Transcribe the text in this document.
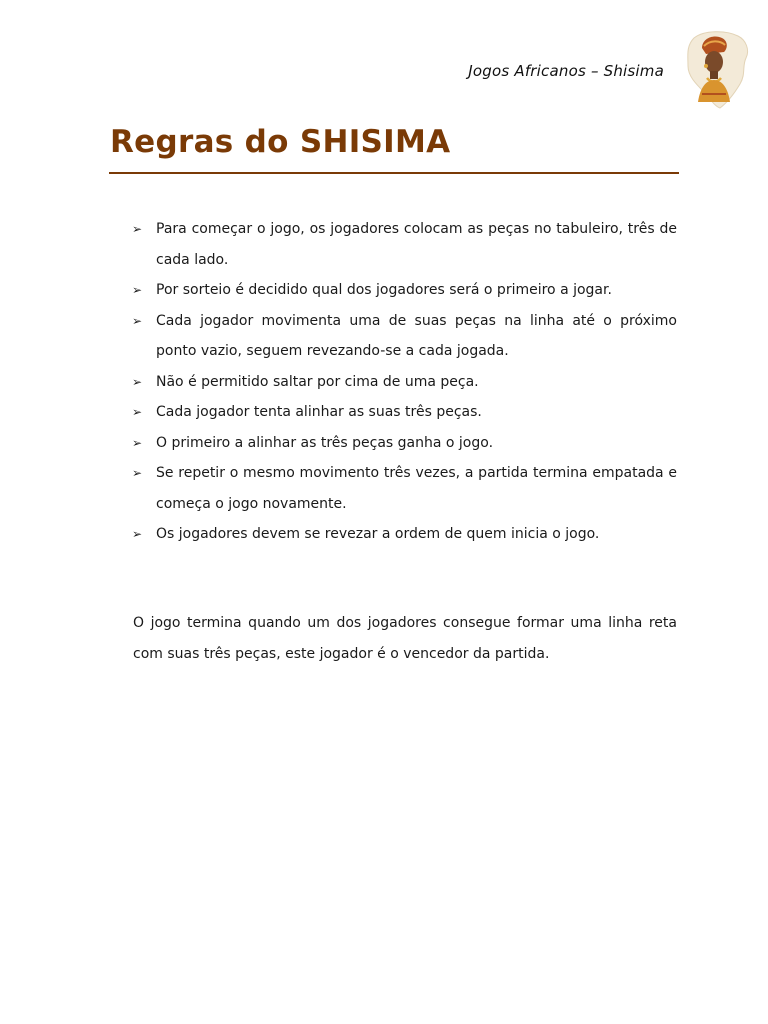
Jogos Africanos – Shisima
Regras do SHISIMA
➢ Para começar o jogo, os jogadores colocam as peças no tabuleiro, três de cada lado.
➢ Por sorteio é decidido qual dos jogadores será o primeiro a jogar.
➢ Cada jogador movimenta uma de suas peças na linha até o próximo ponto vazio, seguem revezando-se a cada jogada.
➢ Não é permitido saltar por cima de uma peça.
➢ Cada jogador tenta alinhar as suas três peças.
➢ O primeiro a alinhar as três peças ganha o jogo.
➢ Se repetir o mesmo movimento três vezes, a partida termina empatada e começa o jogo novamente.
➢ Os jogadores devem se revezar a ordem de quem inicia o jogo.

O jogo termina quando um dos jogadores consegue formar uma linha reta com suas três peças, este jogador é o vencedor da partida.
